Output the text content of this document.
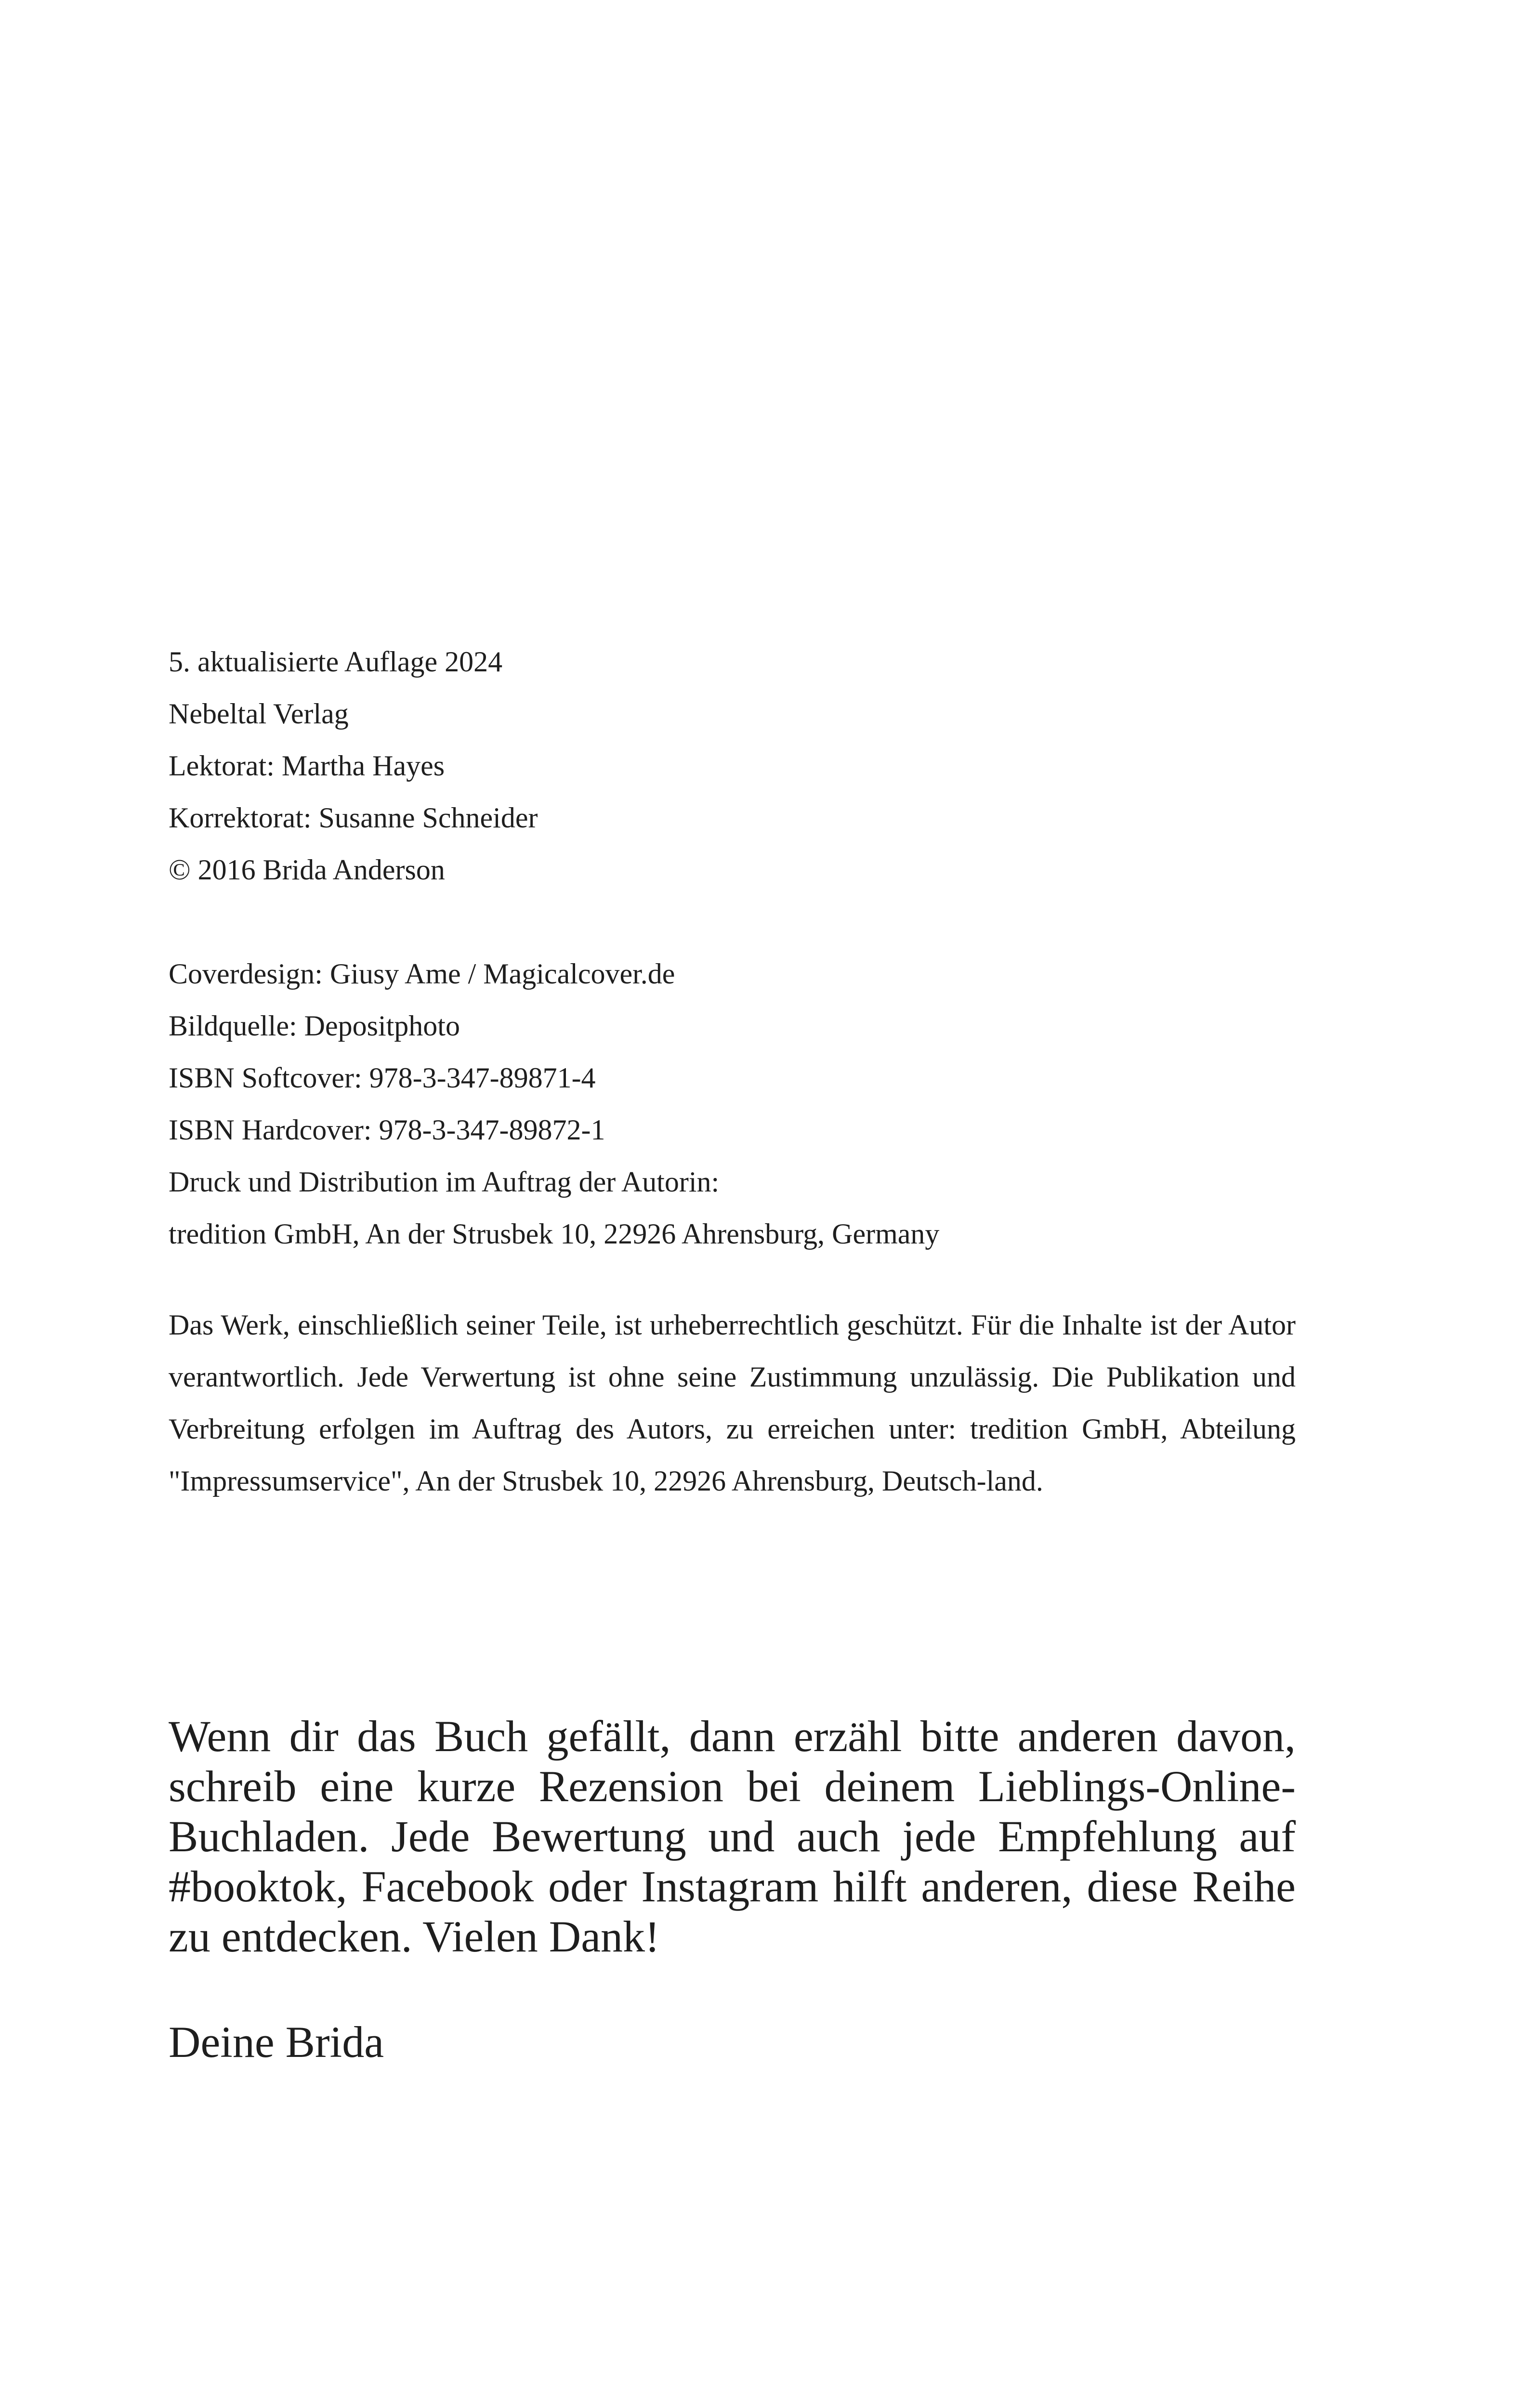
5. aktualisierte Auflage 2024
Nebeltal Verlag
Lektorat: Martha Hayes
Korrektorat: Susanne Schneider
© 2016 Brida Anderson
Coverdesign: Giusy Ame / Magicalcover.de
Bildquelle: Depositphoto
ISBN Softcover: 978-3-347-89871-4
ISBN Hardcover: 978-3-347-89872-1
Druck und Distribution im Auftrag der Autorin:
tredition GmbH, An der Strusbek 10, 22926 Ahrensburg, Germany

Das Werk, einschließlich seiner Teile, ist urheberrechtlich geschützt. Für die Inhalte ist der Autor verantwortlich. Jede Verwertung ist ohne seine Zustimmung unzulässig. Die Publikation und Verbreitung erfolgen im Auftrag des Autors, zu erreichen unter: tredition GmbH, Abteilung "Impressumservice", An der Strusbek 10, 22926 Ahrensburg, Deutsch-land.

Wenn dir das Buch gefällt, dann erzähl bitte anderen davon, schreib eine kurze Rezension bei deinem Lieblings-Online-Buchladen. Jede Bewertung und auch jede Empfehlung auf #booktok, Facebook oder Instagram hilft anderen, diese Reihe zu entdecken. Vielen Dank!

Deine Brida
